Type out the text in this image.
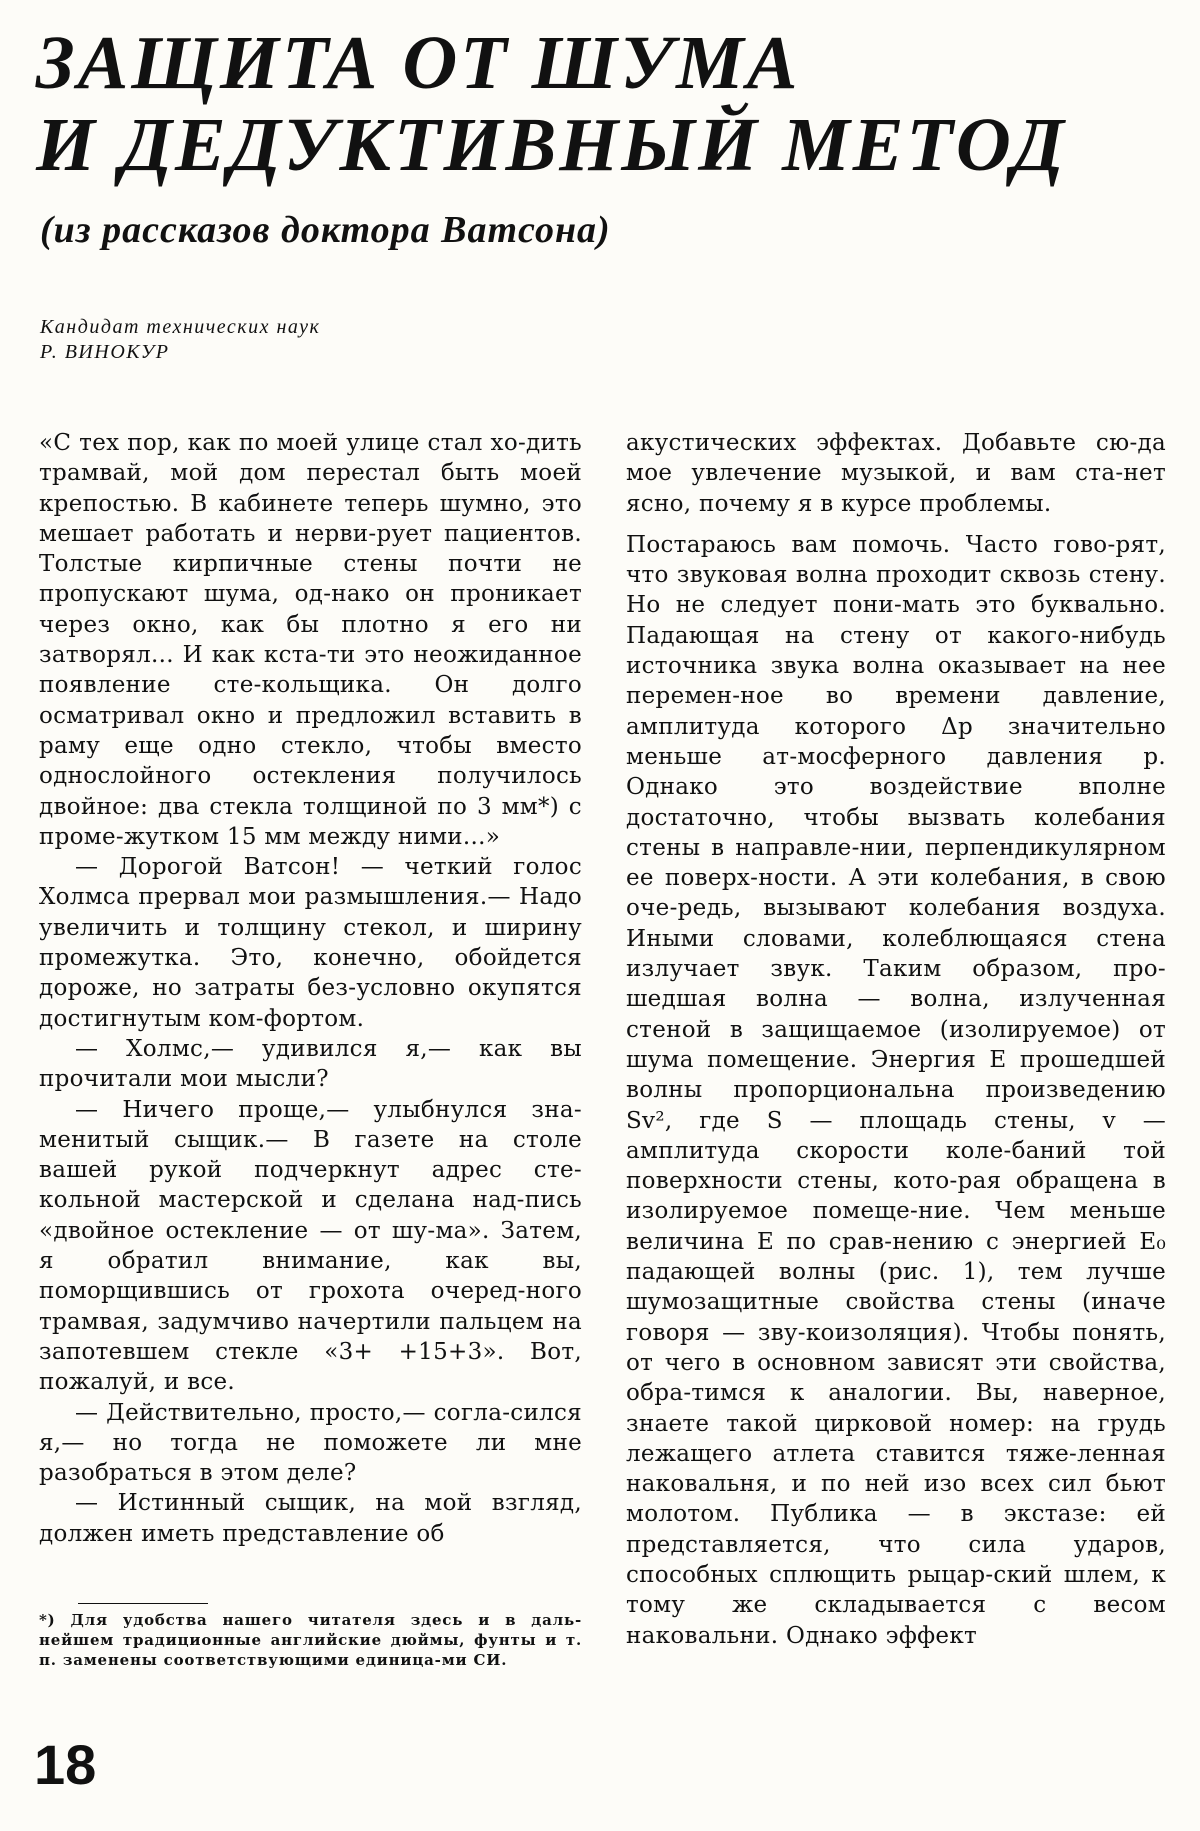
ЗАЩИТА ОТ ШУМА
И ДЕДУКТИВНЫЙ МЕТОД
(из рассказов доктора Ватсона)
Кандидат технических наук
Р. ВИНОКУР

«С тех пор, как по моей улице стал хо-дить трамвай, мой дом перестал быть моей крепостью. В кабинете теперь шумно, это мешает работать и нерви-рует пациентов. Толстые кирпичные стены почти не пропускают шума, од-нако он проникает через окно, как бы плотно я его ни затворял... И как кста-ти это неожиданное появление сте-кольщика. Он долго осматривал окно и предложил вставить в раму еще одно стекло, чтобы вместо однослойного остекления получилось двойное: два стекла толщиной по 3 мм*) с проме-жутком 15 мм между ними...»

— Дорогой Ватсон! — четкий голос Холмса прервал мои размышления.— Надо увеличить и толщину стекол, и ширину промежутка. Это, конечно, обойдется дороже, но затраты без-условно окупятся достигнутым ком-фортом.

— Холмс,— удивился я,— как вы прочитали мои мысли?

— Ничего проще,— улыбнулся зна-менитый сыщик.— В газете на столе вашей рукой подчеркнут адрес сте-кольной мастерской и сделана над-пись «двойное остекление — от шу-ма». Затем, я обратил внимание, как вы, поморщившись от грохота очеред-ного трамвая, задумчиво начертили пальцем на запотевшем стекле «3+ +15+3». Вот, пожалуй, и все.

— Действительно, просто,— согла-сился я,— но тогда не поможете ли мне разобраться в этом деле?

— Истинный сыщик, на мой взгляд, должен иметь представление об

*) Для удобства нашего читателя здесь и в даль-нейшем традиционные английские дюймы, фунты и т. п. заменены соответствующими единица-ми СИ.

акустических эффектах. Добавьте сю-да мое увлечение музыкой, и вам ста-нет ясно, почему я в курсе проблемы.

Постараюсь вам помочь. Часто гово-рят, что звуковая волна проходит сквозь стену. Но не следует пони-мать это буквально. Падающая на стену от какого-нибудь источника звука волна оказывает на нее перемен-ное во времени давление, амплитуда которого Δp значительно меньше ат-мосферного давления p. Однако это воздействие вполне достаточно, чтобы вызвать колебания стены в направле-нии, перпендикулярном ее поверх-ности. А эти колебания, в свою оче-редь, вызывают колебания воздуха. Иными словами, колеблющаяся стена излучает звук. Таким образом, про-шедшая волна — волна, излученная стеной в защищаемое (изолируемое) от шума помещение. Энергия E прошедшей волны пропорциональна произведению Sv², где S — площадь стены, v — амплитуда скорости коле-баний той поверхности стены, кото-рая обращена в изолируемое помеще-ние. Чем меньше величина E по срав-нению с энергией E₀ падающей волны (рис. 1), тем лучше шумозащитные свойства стены (иначе говоря — зву-коизоляция). Чтобы понять, от чего в основном зависят эти свойства, обра-тимся к аналогии. Вы, наверное, знаете такой цирковой номер: на грудь лежащего атлета ставится тяже-ленная наковальня, и по ней изо всех сил бьют молотом. Публика — в экстазе: ей представляется, что сила ударов, способных сплющить рыцар-ский шлем, к тому же складывается с весом наковальни. Однако эффект

18
